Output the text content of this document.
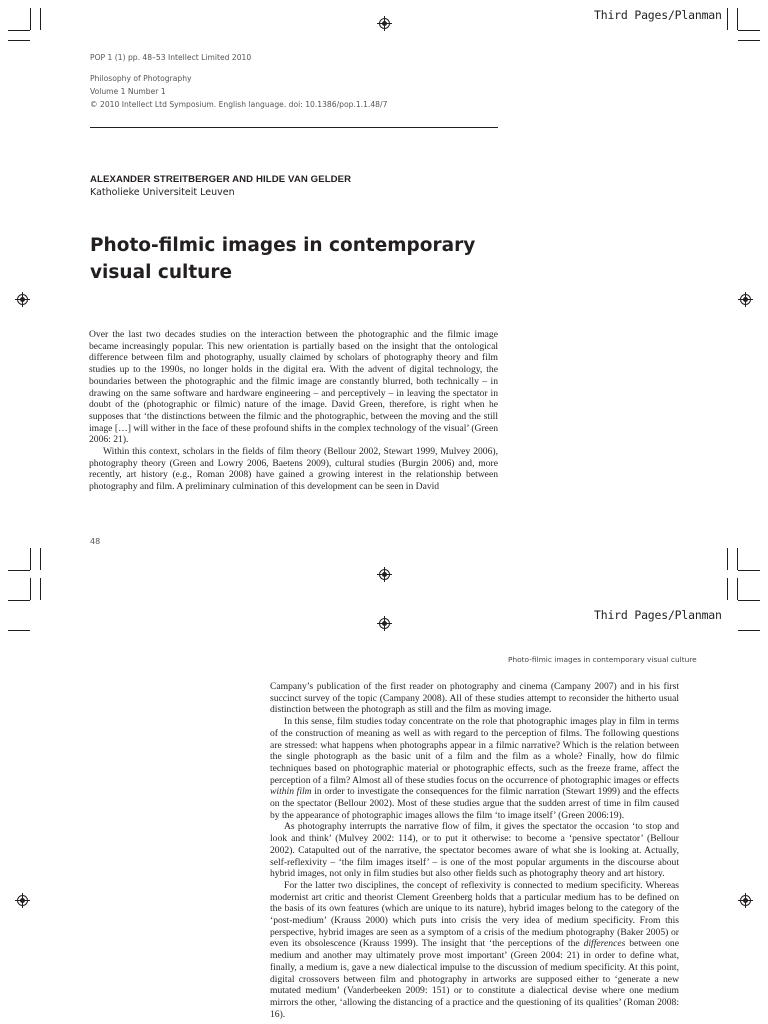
Third Pages/Planman
POP 1 (1) pp. 48–53 Intellect Limited 2010
Philosophy of Photography
Volume 1 Number 1
© 2010 Intellect Ltd Symposium. English language. doi: 10.1386/pop.1.1.48/7
ALEXANDER STREITBERGER AND HILDE VAN GELDER
Katholieke Universiteit Leuven
Photo-filmic images in contemporary
visual culture

Over the last two decades studies on the interaction between the photographic and the filmic image became increasingly popular. This new orientation is partially based on the insight that the ontological difference between film and photography, usually claimed by scholars of photography theory and film studies up to the 1990s, no longer holds in the digital era. With the advent of digital technology, the boundaries between the photographic and the filmic image are constantly blurred, both technically – in drawing on the same software and hardware engineering – and perceptively – in leaving the spectator in doubt of the (photographic or filmic) nature of the image. David Green, therefore, is right when he supposes that ‘the distinctions between the filmic and the photographic, between the moving and the still image […] will wither in the face of these profound shifts in the complex technology of the visual’ (Green 2006: 21).

Within this context, scholars in the fields of film theory (Bellour 2002, Stewart 1999, Mulvey 2006), photography theory (Green and Lowry 2006, Baetens 2009), cultural studies (Burgin 2006) and, more recently, art history (e.g., Roman 2008) have gained a growing interest in the relationship between photography and film. A preliminary culmination of this development can be seen in David

48
Third Pages/Planman
Photo-filmic images in contemporary visual culture

Campany’s publication of the first reader on photography and cinema (Campany 2007) and in his first succinct survey of the topic (Campany 2008). All of these studies attempt to reconsider the hitherto usual distinction between the photograph as still and the film as moving image.

In this sense, film studies today concentrate on the role that photographic images play in film in terms of the construction of meaning as well as with regard to the perception of films. The following questions are stressed: what happens when photographs appear in a filmic narrative? Which is the relation between the single photograph as the basic unit of a film and the film as a whole? Finally, how do filmic techniques based on photographic material or photographic effects, such as the freeze frame, affect the perception of a film? Almost all of these studies focus on the occurrence of photographic images or effects within film in order to investigate the consequences for the filmic narration (Stewart 1999) and the effects on the spectator (Bellour 2002). Most of these studies argue that the sudden arrest of time in film caused by the appearance of photographic images allows the film ‘to image itself’ (Green 2006:19).

As photography interrupts the narrative flow of film, it gives the spectator the occasion ‘to stop and look and think’ (Mulvey 2002: 114), or to put it otherwise: to become a ‘pensive spectator’ (Bellour 2002). Catapulted out of the narrative, the spectator becomes aware of what she is looking at. Actually, self-reflexivity – ‘the film images itself’ – is one of the most popular arguments in the discourse about hybrid images, not only in film studies but also other fields such as photography theory and art history.

For the latter two disciplines, the concept of reflexivity is connected to medium specificity. Whereas modernist art critic and theorist Clement Greenberg holds that a particular medium has to be defined on the basis of its own features (which are unique to its nature), hybrid images belong to the category of the ‘post-medium’ (Krauss 2000) which puts into crisis the very idea of medium specificity. From this perspective, hybrid images are seen as a symptom of a crisis of the medium photography (Baker 2005) or even its obsolescence (Krauss 1999). The insight that ‘the perceptions of the differences between one medium and another may ultimately prove most important’ (Green 2004: 21) in order to define what, finally, a medium is, gave a new dialectical impulse to the discussion of medium specificity. At this point, digital crossovers between film and photography in artworks are supposed either to ‘generate a new mutated medium’ (Vanderbeeken 2009: 151) or to constitute a dialectical devise where one medium mirrors the other, ‘allowing the distancing of a practice and the questioning of its qualities’ (Roman 2008: 16).
